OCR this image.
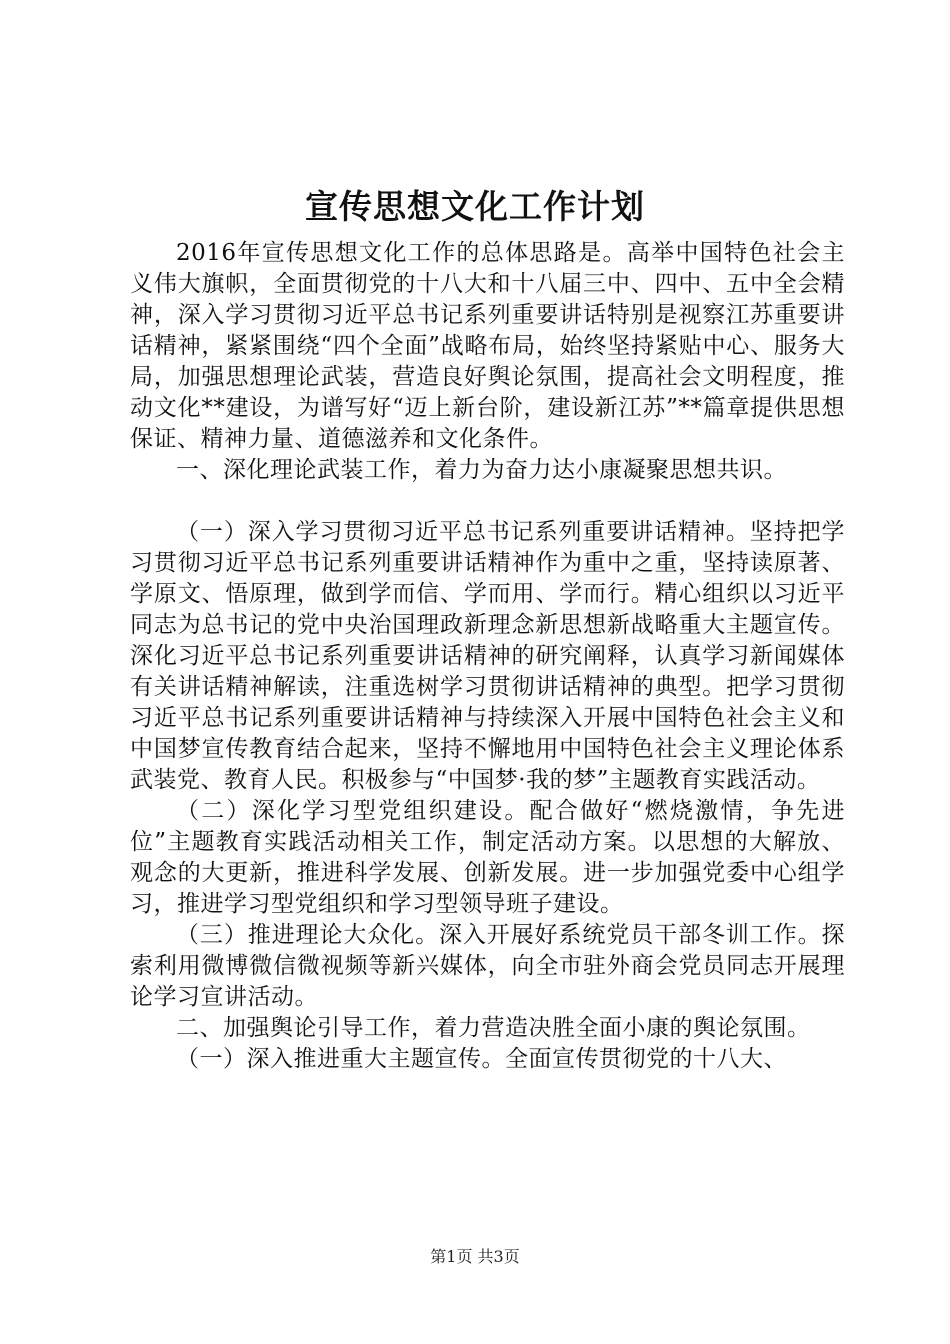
宣传思想文化工作计划

2016年宣传思想文化工作的总体思路是。高举中国特色社会主义伟大旗帜，全面贯彻党的十八大和十八届三中、四中、五中全会精神，深入学习贯彻习近平总书记系列重要讲话特别是视察江苏重要讲话精神，紧紧围绕“四个全面”战略布局，始终坚持紧贴中心、服务大局，加强思想理论武装，营造良好舆论氛围，提高社会文明程度，推动文化**建设，为谱写好“迈上新台阶，建设新江苏”**篇章提供思想保证、精神力量、道德滋养和文化条件。

一、深化理论武装工作，着力为奋力达小康凝聚思想共识。

（一）深入学习贯彻习近平总书记系列重要讲话精神。坚持把学习贯彻习近平总书记系列重要讲话精神作为重中之重，坚持读原著、学原文、悟原理，做到学而信、学而用、学而行。精心组织以习近平同志为总书记的党中央治国理政新理念新思想新战略重大主题宣传。深化习近平总书记系列重要讲话精神的研究阐释，认真学习新闻媒体有关讲话精神解读，注重选树学习贯彻讲话精神的典型。把学习贯彻习近平总书记系列重要讲话精神与持续深入开展中国特色社会主义和中国梦宣传教育结合起来，坚持不懈地用中国特色社会主义理论体系武装党、教育人民。积极参与“中国梦·我的梦”主题教育实践活动。

（二）深化学习型党组织建设。配合做好“燃烧激情，争先进位”主题教育实践活动相关工作，制定活动方案。以思想的大解放、观念的大更新，推进科学发展、创新发展。进一步加强党委中心组学习，推进学习型党组织和学习型领导班子建设。

（三）推进理论大众化。深入开展好系统党员干部冬训工作。探索利用微博微信微视频等新兴媒体，向全市驻外商会党员同志开展理论学习宣讲活动。

二、加强舆论引导工作，着力营造决胜全面小康的舆论氛围。

（一）深入推进重大主题宣传。全面宣传贯彻党的十八大、

第1页 共3页
